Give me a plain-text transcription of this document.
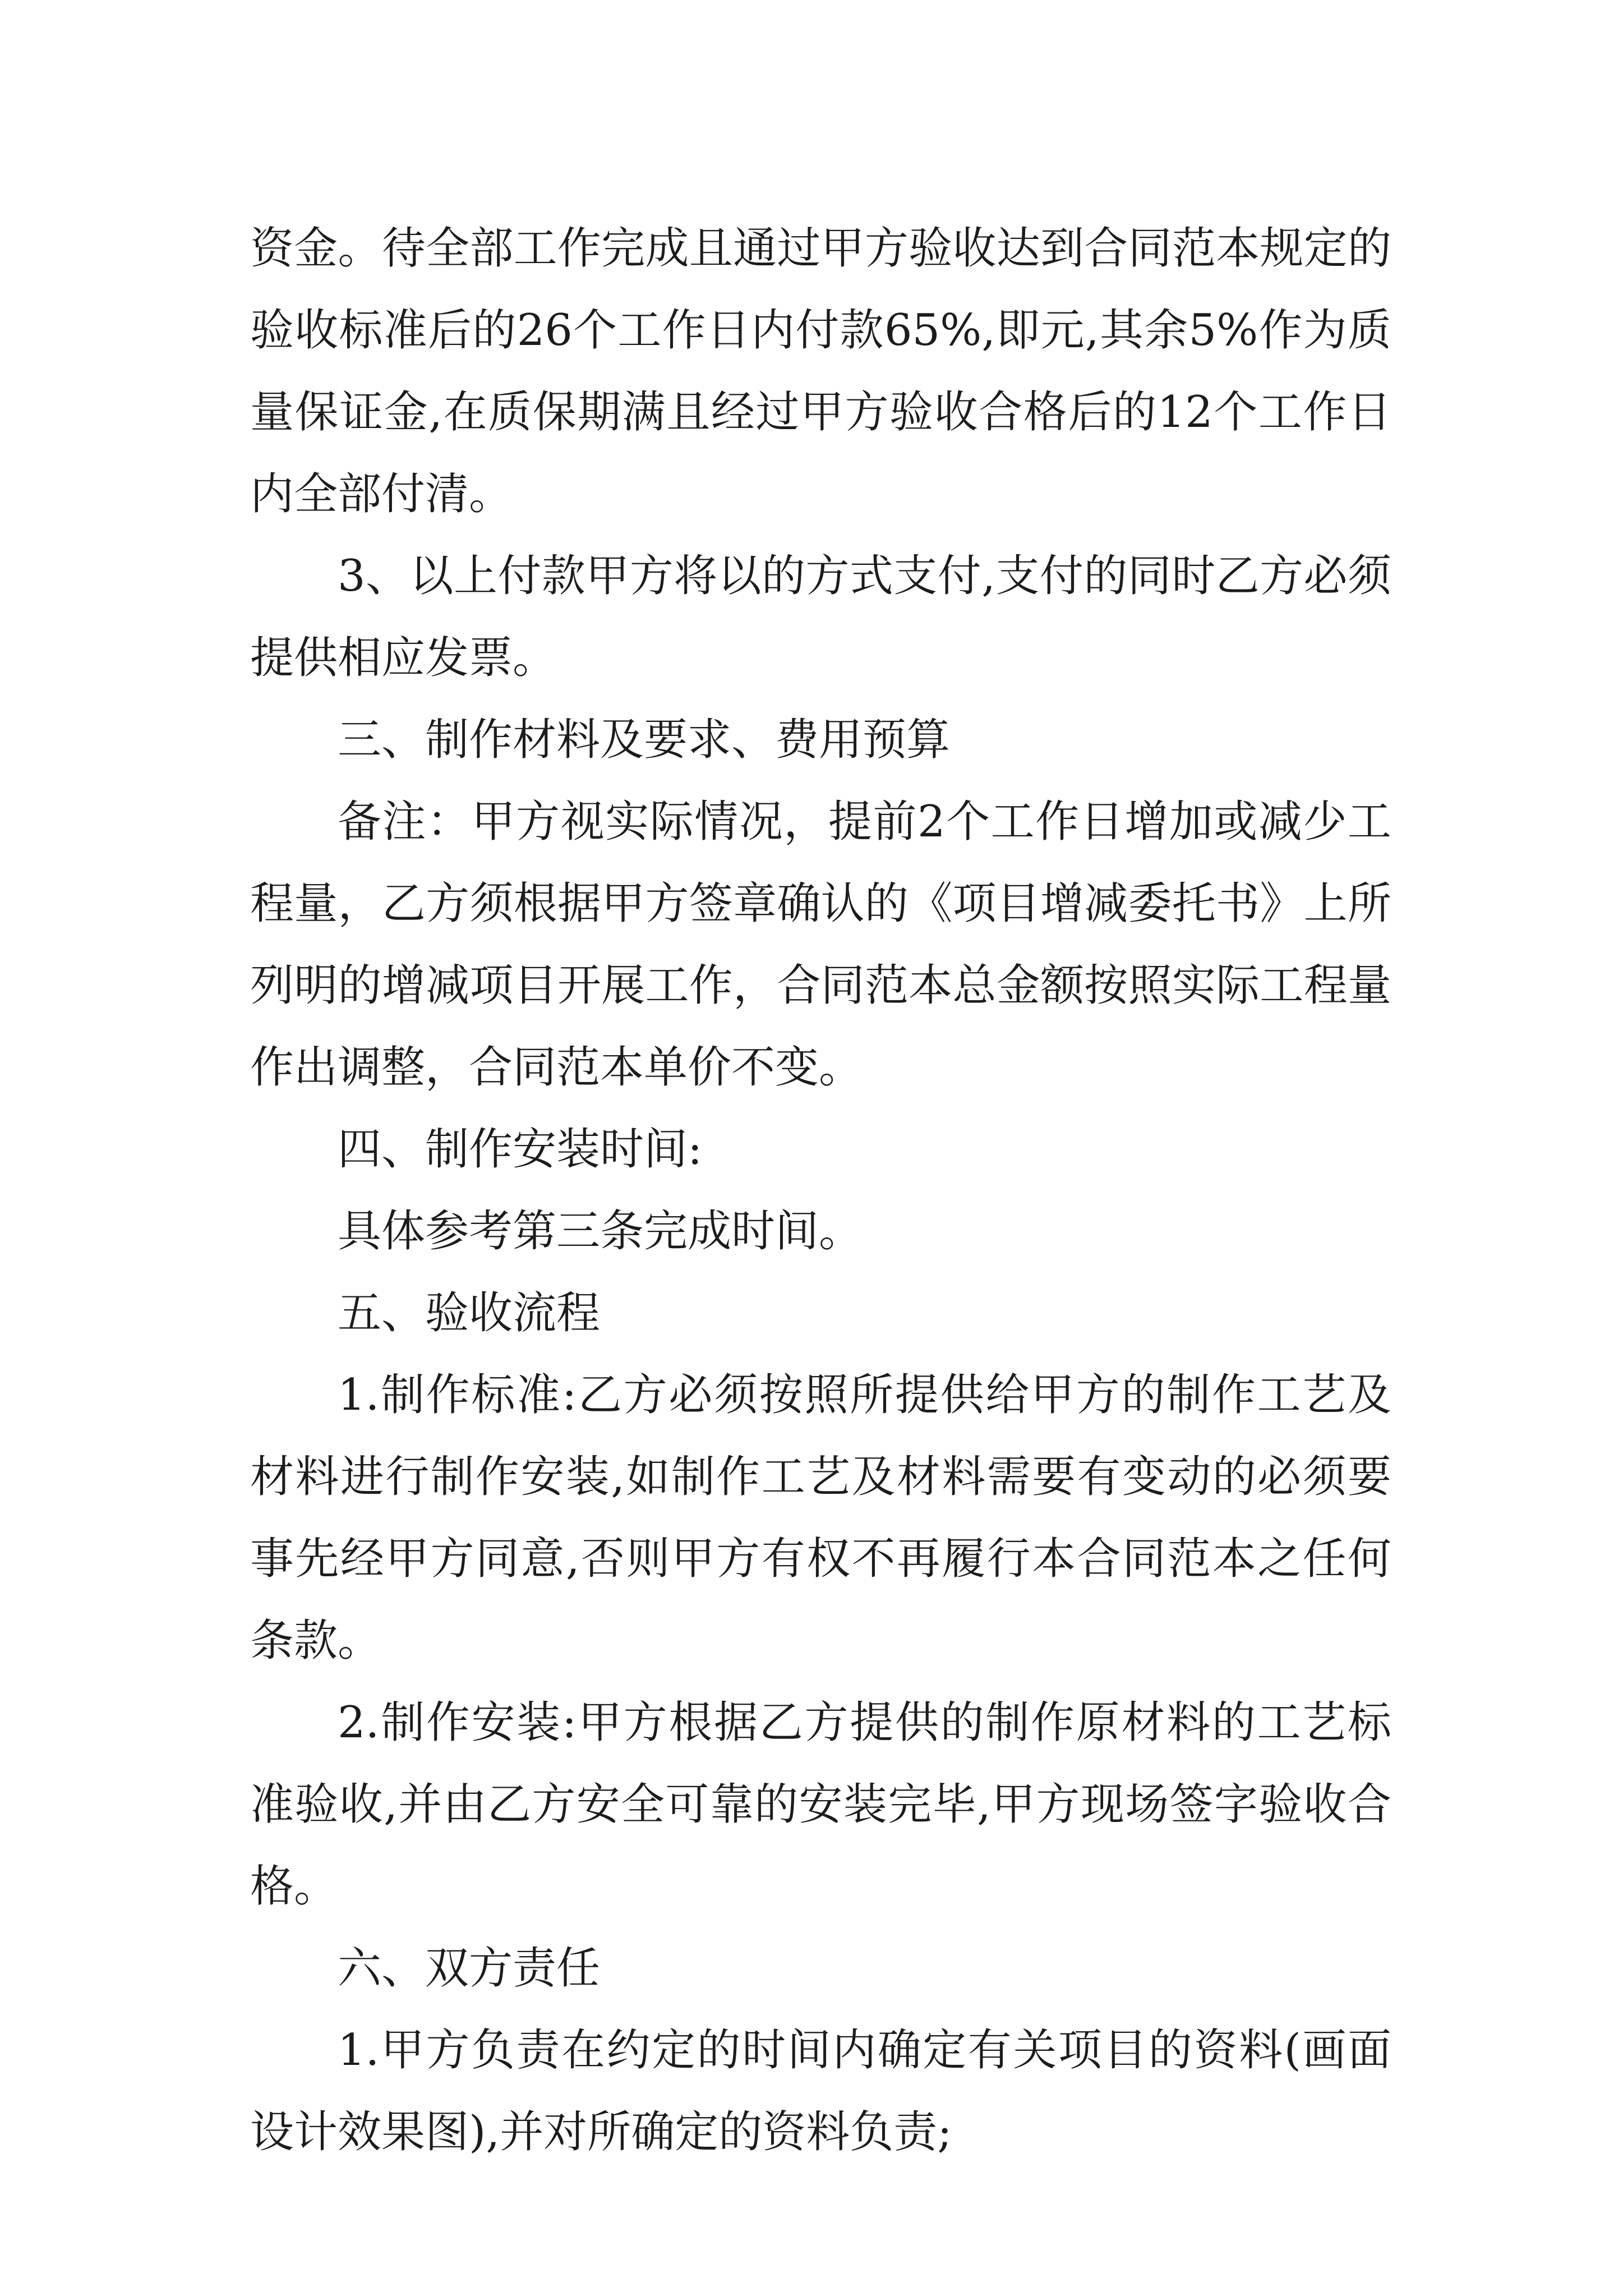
资金。待全部工作完成且通过甲方验收达到合同范本规定的验收标准后的26个工作日内付款65%,即元,其余5%作为质量保证金,在质保期满且经过甲方验收合格后的12个工作日内全部付清。

3、以上付款甲方将以的方式支付,支付的同时乙方必须提供相应发票。

三、制作材料及要求、费用预算

备注：甲方视实际情况，提前2个工作日增加或减少工程量，乙方须根据甲方签章确认的《项目增减委托书》上所列明的增减项目开展工作，合同范本总金额按照实际工程量作出调整，合同范本单价不变。

四、制作安装时间:

具体参考第三条完成时间。

五、验收流程

1.制作标准:乙方必须按照所提供给甲方的制作工艺及材料进行制作安装,如制作工艺及材料需要有变动的必须要事先经甲方同意,否则甲方有权不再履行本合同范本之任何条款。

2.制作安装:甲方根据乙方提供的制作原材料的工艺标准验收,并由乙方安全可靠的安装完毕,甲方现场签字验收合格。

六、双方责任

1.甲方负责在约定的时间内确定有关项目的资料(画面设计效果图),并对所确定的资料负责;
